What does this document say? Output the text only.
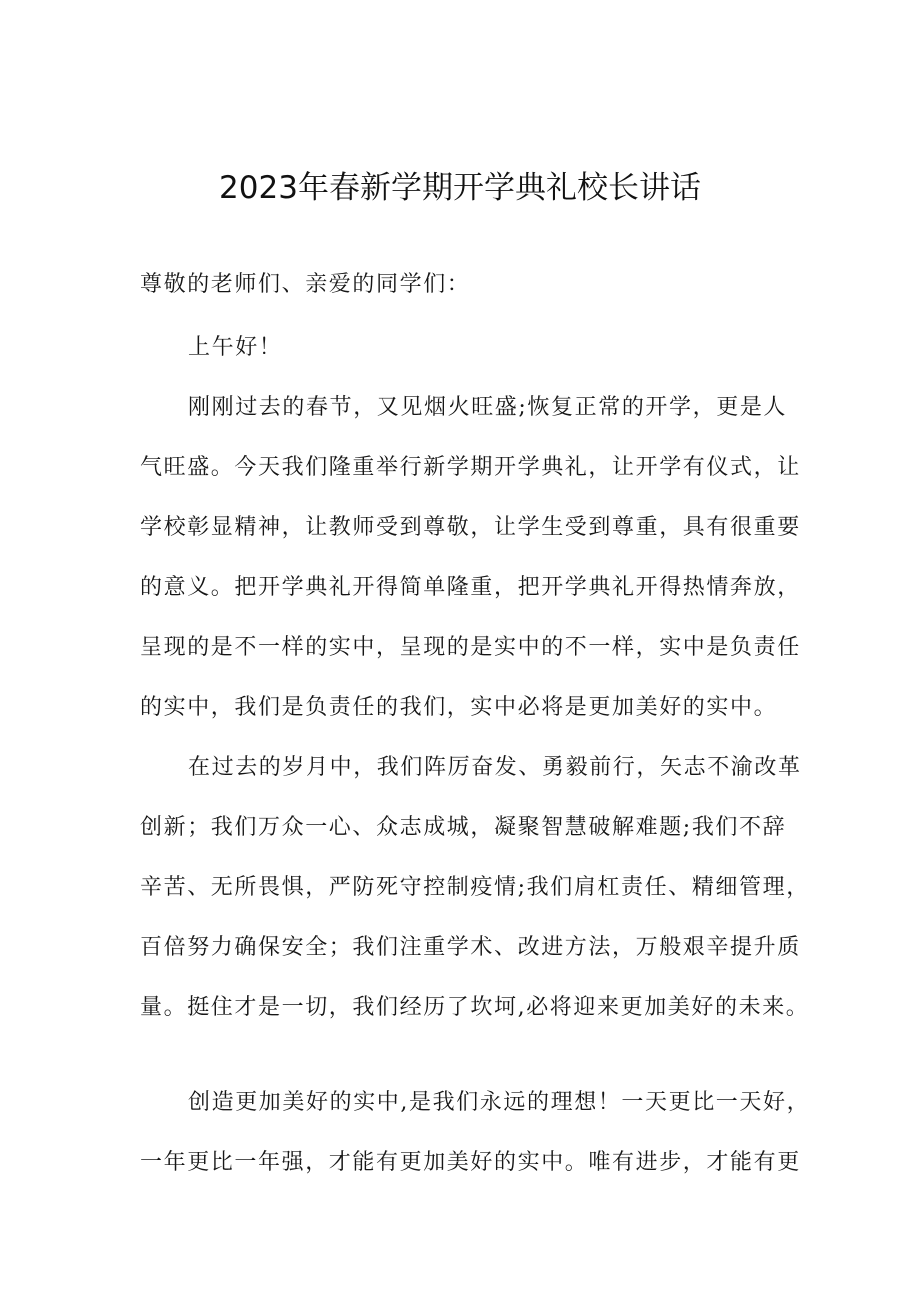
2023年春新学期开学典礼校长讲话
尊敬的老师们、亲爱的同学们：
上午好！
刚刚过去的春节，又见烟火旺盛;恢复正常的开学，更是人
气旺盛。今天我们隆重举行新学期开学典礼，让开学有仪式，让
学校彰显精神，让教师受到尊敬，让学生受到尊重，具有很重要
的意义。把开学典礼开得简单隆重，把开学典礼开得热情奔放，
呈现的是不一样的实中，呈现的是实中的不一样，实中是负责任
的实中，我们是负责任的我们，实中必将是更加美好的实中。
在过去的岁月中，我们阵厉奋发、勇毅前行，矢志不渝改革
创新；我们万众一心、众志成城，凝聚智慧破解难题;我们不辞
辛苦、无所畏惧，严防死守控制疫情;我们肩杠责任、精细管理，
百倍努力确保安全；我们注重学术、改进方法，万般艰辛提升质
量。挺住才是一切，我们经历了坎坷,必将迎来更加美好的未来。
创造更加美好的实中,是我们永远的理想！一天更比一天好，
一年更比一年强，才能有更加美好的实中。唯有进步，才能有更
